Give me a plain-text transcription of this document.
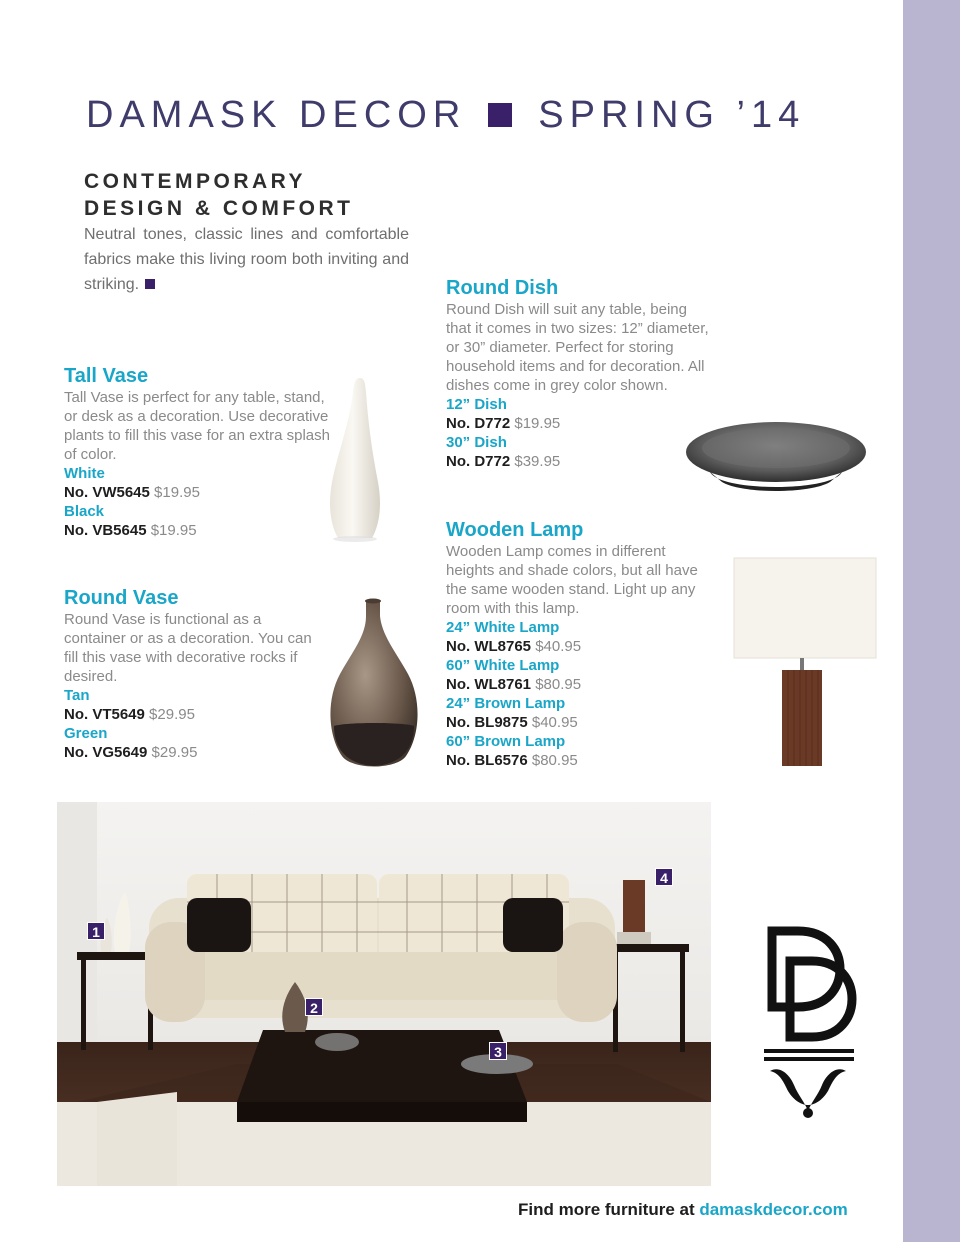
DAMASK DECOR SPRING ’14
CONTEMPORARY
DESIGN & COMFORT
Neutral tones, classic lines and comfortable fabrics make this living room both inviting and striking.
Tall Vase
Tall Vase is perfect for any table, stand, or desk as a decoration. Use decorative plants to fill this vase for an extra splash of color.
White
No. VW5645 $19.95
Black
No. VB5645 $19.95
Round Vase
Round Vase is functional as a container or as a decoration. You can fill this vase with decorative rocks if desired.
Tan
No. VT5649 $29.95
Green
No. VG5649 $29.95
Round Dish
Round Dish will suit any table, being that it comes in two sizes: 12” diameter, or 30” diameter. Perfect for storing household items and for decoration. All dishes come in grey color shown.
12” Dish
No. D772 $19.95
30” Dish
No. D772 $39.95
Wooden Lamp
Wooden Lamp comes in different heights and shade colors, but all have the same wooden stand. Light up any room with this lamp.
24” White Lamp
No. WL8765 $40.95
60” White Lamp
No. WL8761 $80.95
24” Brown Lamp
No. BL9875 $40.95
60” Brown Lamp
No. BL6576 $80.95
1
2
3
4
Find more furniture at damaskdecor.com
